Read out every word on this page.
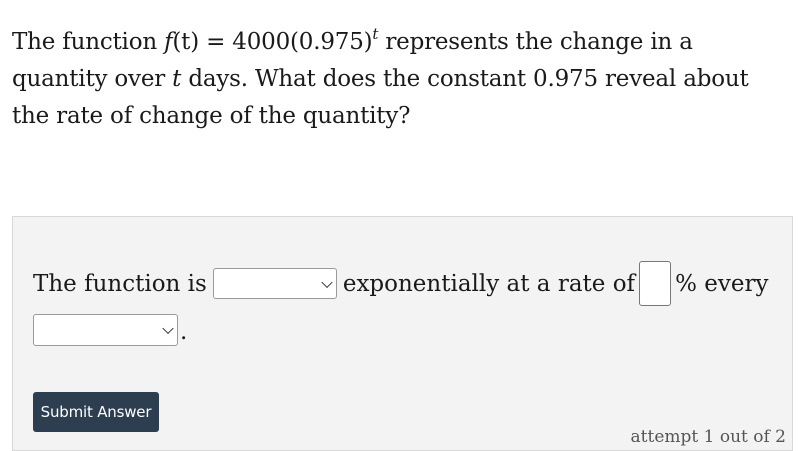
The function $f(t) = 4000(0.975)^t$ represents the change in a quantity over t days. What does the constant 0.975 reveal about the rate of change of the quantity?
The function is	exponentially at a rate of % every
.
Submit Answer
attempt 1 out of 2
